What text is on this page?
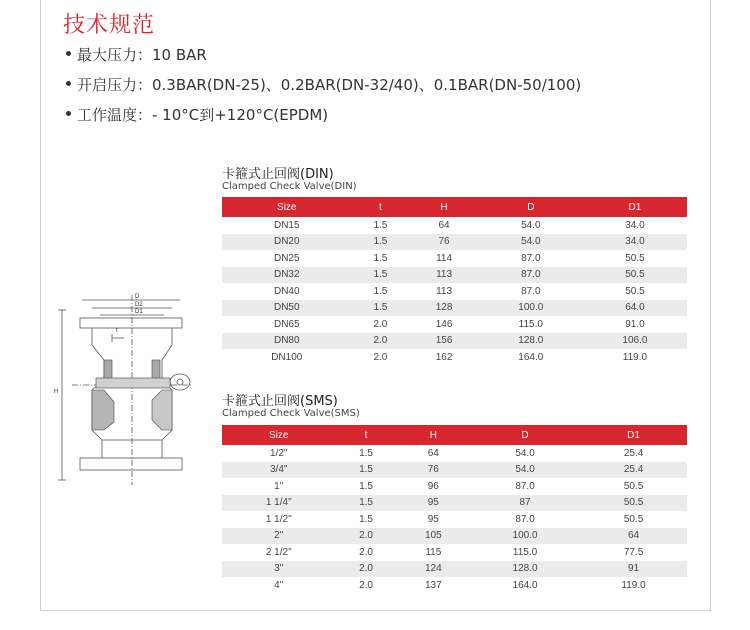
技术规范
最大压力：10 BAR
开启压力：0.3BAR(DN-25)、0.2BAR(DN-32/40)、0.1BAR(DN-50/100)
工作温度：- 10°C到+120°C(EPDM)
H
D
D2
D1
t
卡箍式止回阀(DIN)
Clamped Check Valve(DIN)
Size	t	H	D	D1
DN15	1.5	64	54.0	34.0
DN20	1.5	76	54.0	34.0
DN25	1.5	114	87.0	50.5
DN32	1.5	113	87.0	50.5
DN40	1.5	113	87.0	50.5
DN50	1.5	128	100.0	64.0
DN65	2.0	146	115.0	91.0
DN80	2.0	156	128.0	106.0
DN100	2.0	162	164.0	119.0
卡箍式止回阀(SMS)
Clamped Check Valve(SMS)
Size	t	H	D	D1
1/2"	1.5	64	54.0	25.4
3/4"	1.5	76	54.0	25.4
1"	1.5	96	87.0	50.5
1 1/4"	1.5	95	87	50.5
1 1/2"	1.5	95	87.0	50.5
2"	2.0	105	100.0	64
2 1/2"	2.0	115	115.0	77.5
3"	2.0	124	128.0	91
4"	2.0	137	164.0	119.0
